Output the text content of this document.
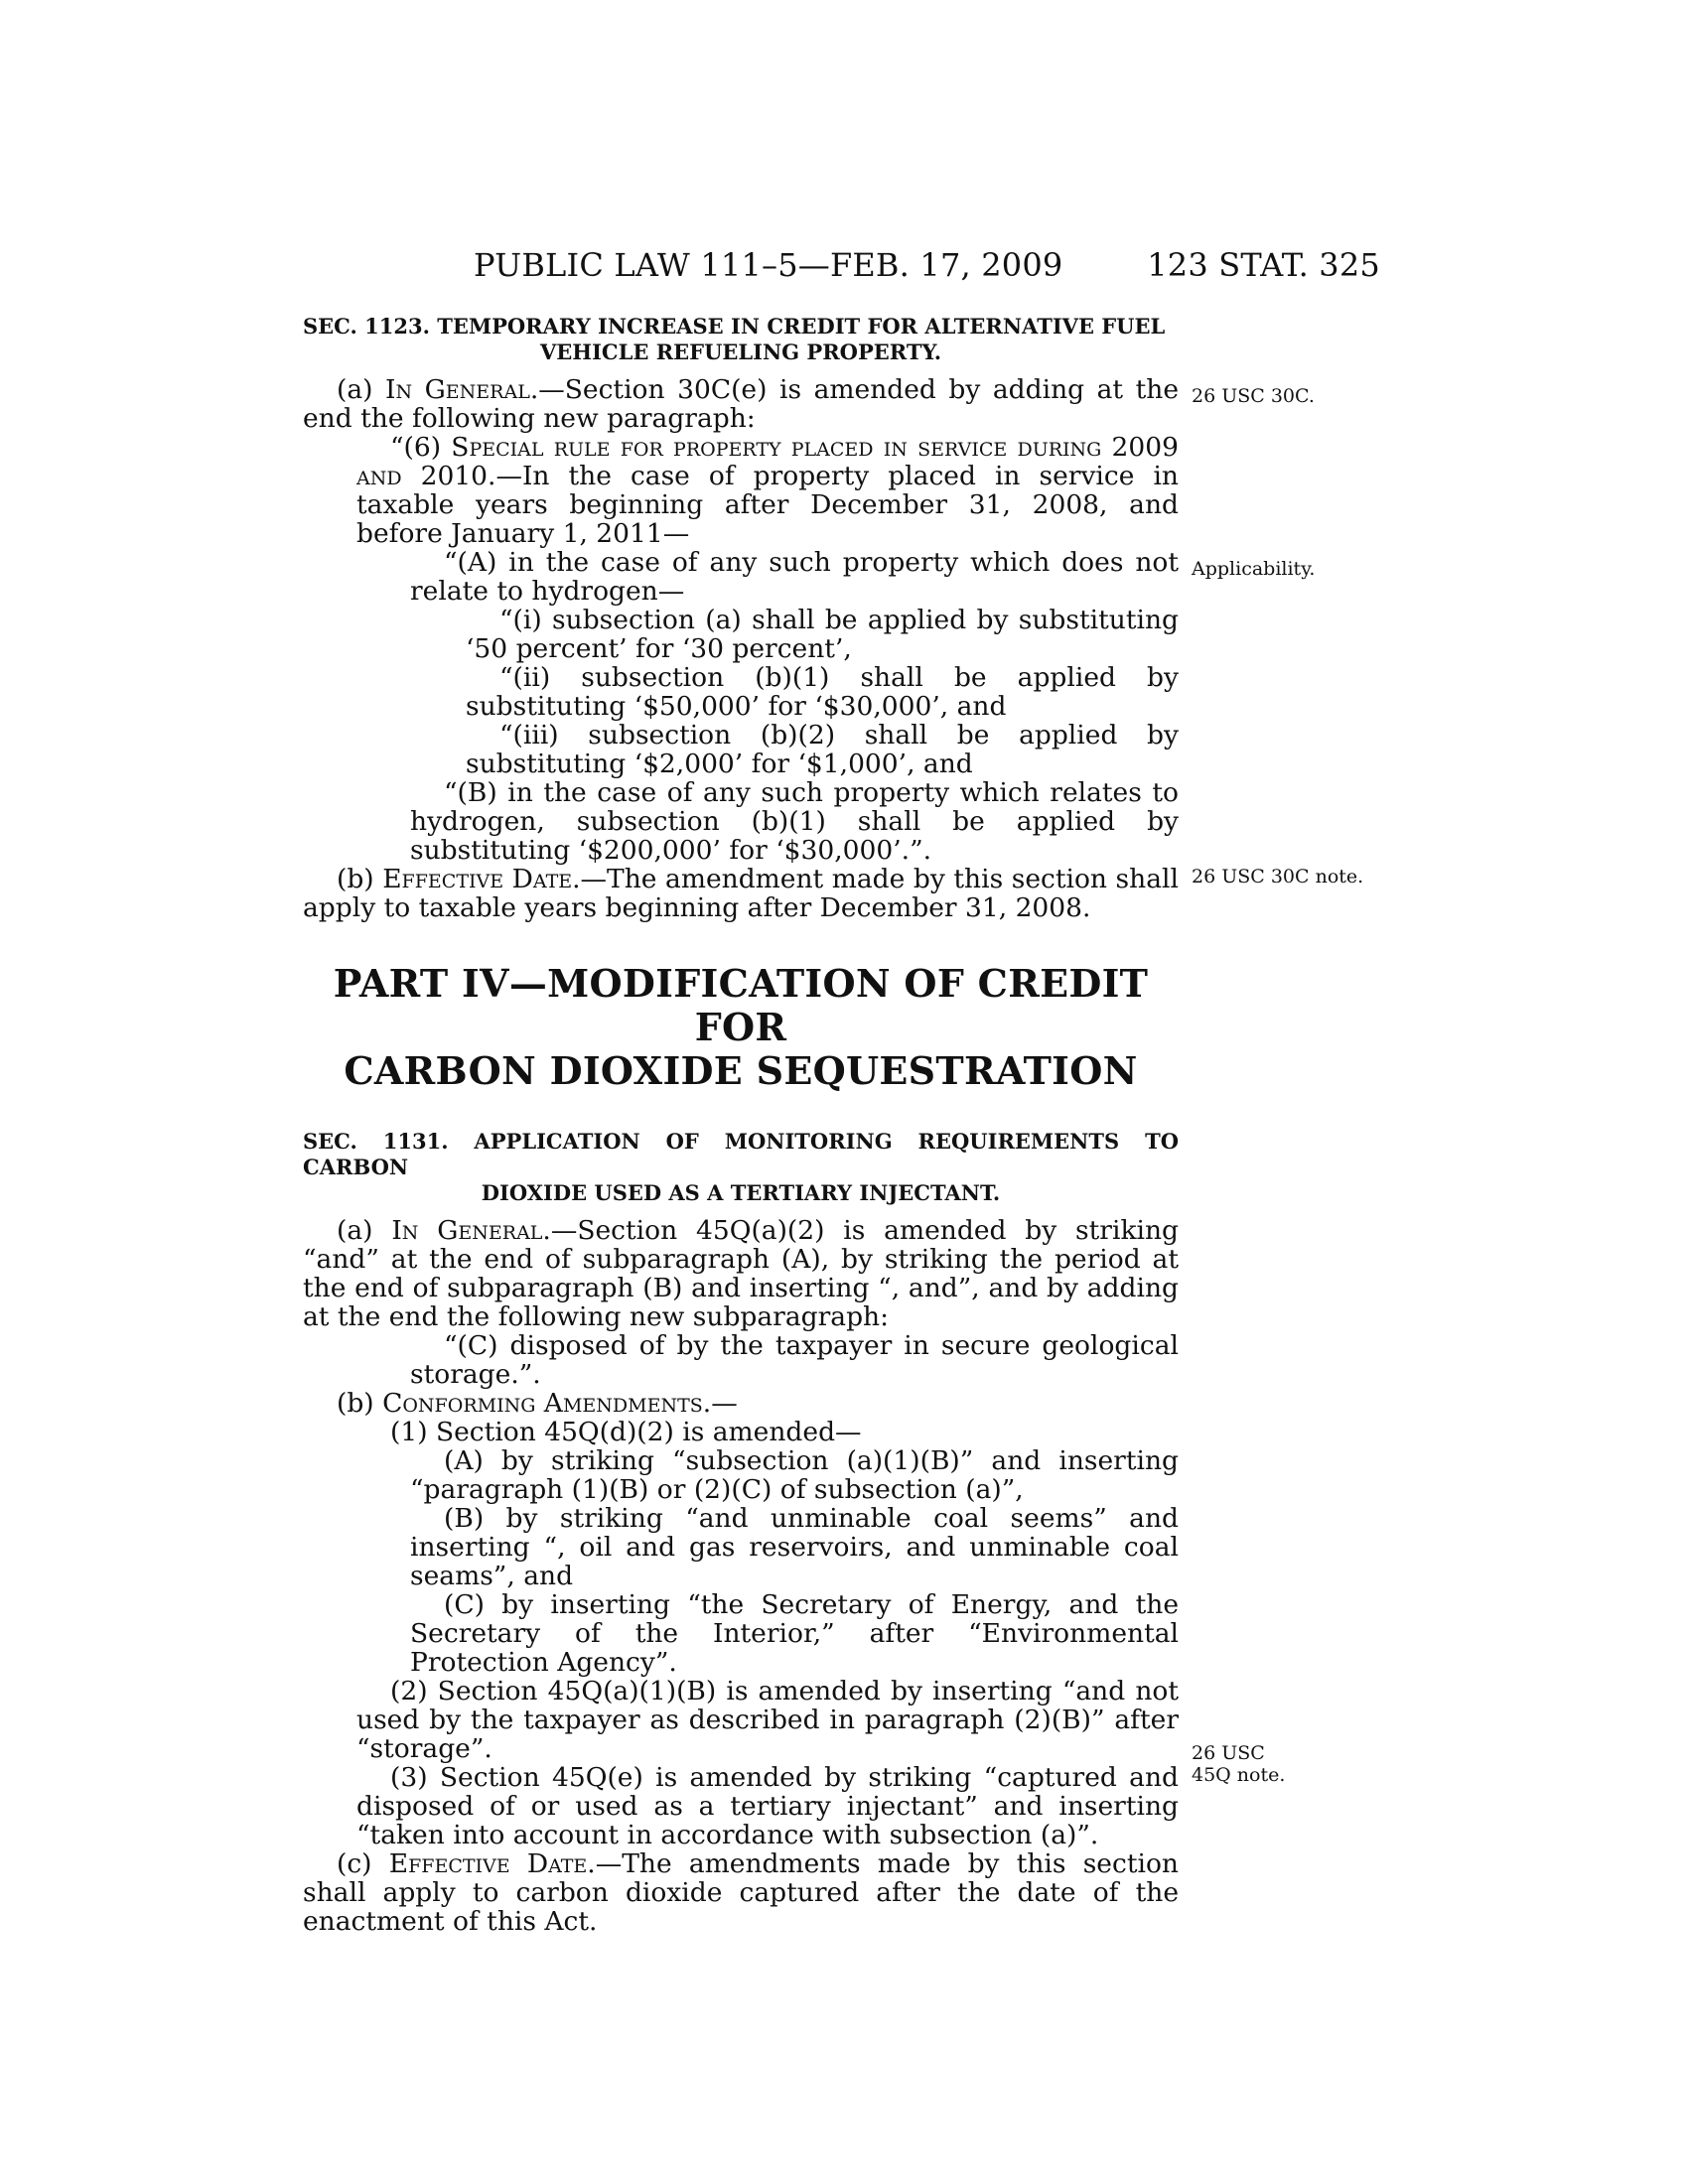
PUBLIC LAW 111–5—FEB. 17, 2009	123 STAT. 325
SEC. 1123. TEMPORARY INCREASE IN CREDIT FOR ALTERNATIVE FUEL
VEHICLE REFUELING PROPERTY.

(a) In General.—Section 30C(e) is amended by adding at the end the following new paragraph:

“(6) Special rule for property placed in service during 2009 and 2010.—In the case of property placed in service in taxable years beginning after December 31, 2008, and before January 1, 2011—

“(A) in the case of any such property which does not relate to hydrogen—

“(i) subsection (a) shall be applied by substituting ‘50 percent’ for ‘30 percent’,

“(ii) subsection (b)(1) shall be applied by substituting ‘$50,000’ for ‘$30,000’, and

“(iii) subsection (b)(2) shall be applied by substituting ‘$2,000’ for ‘$1,000’, and

“(B) in the case of any such property which relates to hydrogen, subsection (b)(1) shall be applied by substituting ‘$200,000’ for ‘$30,000’.”.

(b) Effective Date.—The amendment made by this section shall apply to taxable years beginning after December 31, 2008.

PART IV—MODIFICATION OF CREDIT FOR
CARBON DIOXIDE SEQUESTRATION
SEC. 1131. APPLICATION OF MONITORING REQUIREMENTS TO CARBON
DIOXIDE USED AS A TERTIARY INJECTANT.

(a) In General.—Section 45Q(a)(2) is amended by striking “and” at the end of subparagraph (A), by striking the period at the end of subparagraph (B) and inserting “, and”, and by adding at the end the following new subparagraph:

“(C) disposed of by the taxpayer in secure geological storage.”.

(b) Conforming Amendments.—

(1) Section 45Q(d)(2) is amended—

(A) by striking “subsection (a)(1)(B)” and inserting “paragraph (1)(B) or (2)(C) of subsection (a)”,

(B) by striking “and unminable coal seems” and inserting “, oil and gas reservoirs, and unminable coal seams”, and

(C) by inserting “the Secretary of Energy, and the Secretary of the Interior,” after “Environmental Protection Agency”.

(2) Section 45Q(a)(1)(B) is amended by inserting “and not used by the taxpayer as described in paragraph (2)(B)” after “storage”.

(3) Section 45Q(e) is amended by striking “captured and disposed of or used as a tertiary injectant” and inserting “taken into account in accordance with subsection (a)”.

(c) Effective Date.—The amendments made by this section shall apply to carbon dioxide captured after the date of the enactment of this Act.

26 USC 30C.
Applicability.
26 USC 30C note.
26 USC 45Q note.
